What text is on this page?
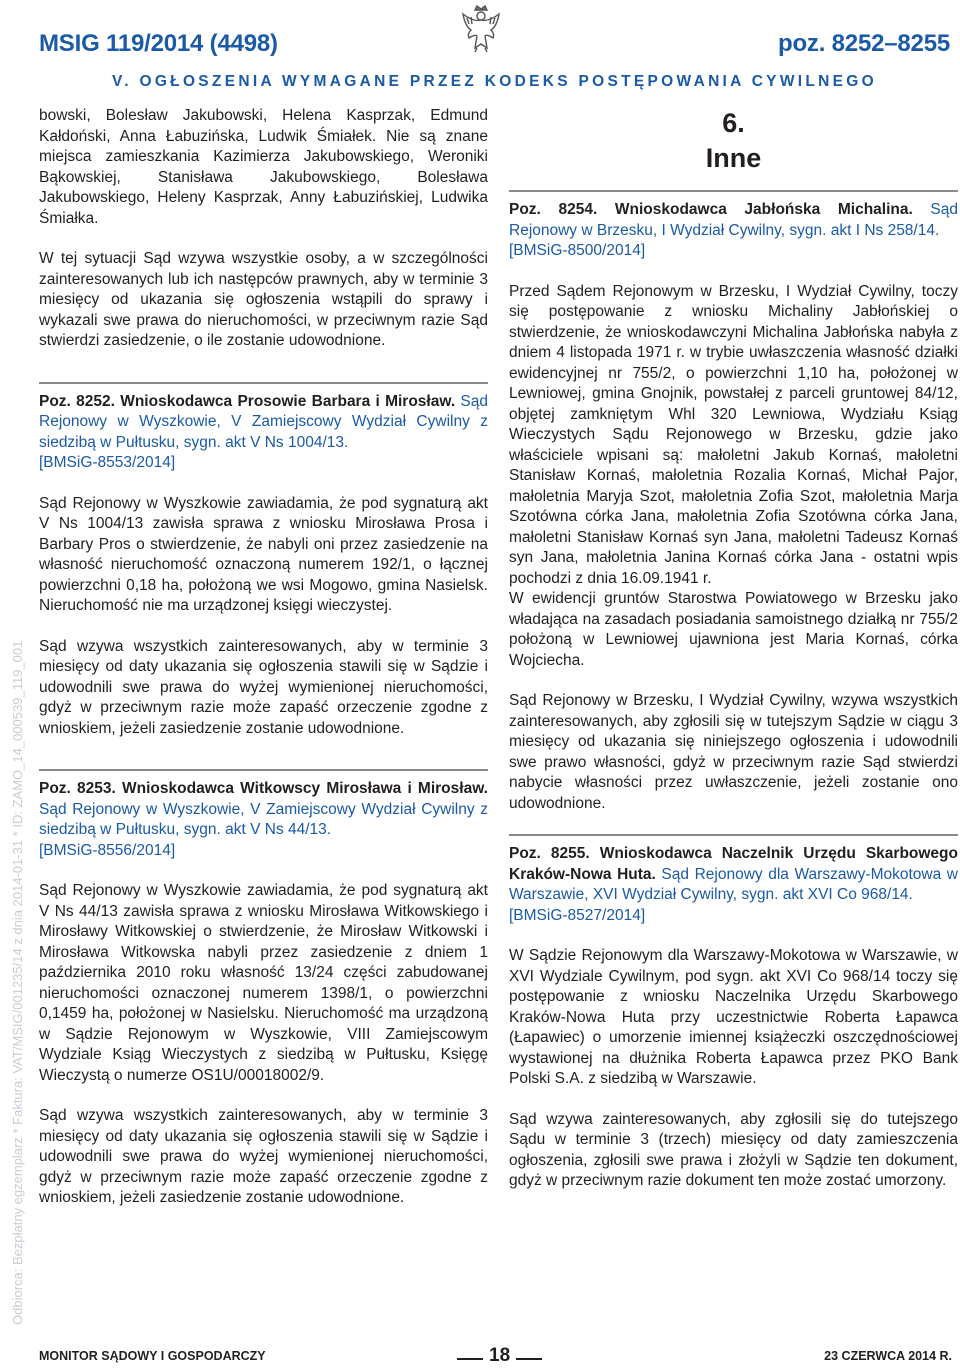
MSIG 119/2014 (4498)	poz. 8252–8255
V. OGŁOSZENIA WYMAGANE PRZEZ KODEKS POSTĘPOWANIA CYWILNEGO
Odbiorca: Bezpłatny egzemplarz * Faktura: VAT/MSIG/001235/14 z dnia 2014-01-31 * ID: ZAMO_14_000539_119_001

bowski, Bolesław Jakubowski, Helena Kasprzak, Edmund Kałdoński, Anna Łabuzińska, Ludwik Śmiałek. Nie są znane miejsca zamieszkania Kazimierza Jakubowskiego, Weroniki Bąkowskiej, Stanisława Jakubowskiego, Bolesława Jakubowskiego, Heleny Kasprzak, Anny Łabuzińskiej, Ludwika Śmiałka.

W tej sytuacji Sąd wzywa wszystkie osoby, a w szczególności zainteresowanych lub ich następców prawnych, aby w terminie 3 miesięcy od ukazania się ogłoszenia wstąpili do sprawy i wykazali swe prawa do nieruchomości, w przeciwnym razie Sąd stwierdzi zasiedzenie, o ile zostanie udowodnione.

Poz. 8252. Wnioskodawca Prosowie Barbara i Mirosław. Sąd Rejonowy w Wyszkowie, V Zamiejscowy Wydział Cywilny z siedzibą w Pułtusku, sygn. akt V Ns 1004/13.
[BMSiG-8553/2014]

Sąd Rejonowy w Wyszkowie zawiadamia, że pod sygnaturą akt V Ns 1004/13 zawisła sprawa z wniosku Mirosława Prosa i Barbary Pros o stwierdzenie, że nabyli oni przez zasiedzenie na własność nieruchomość oznaczoną numerem 192/1, o łącznej powierzchni 0,18 ha, położoną we wsi Mogowo, gmina Nasielsk. Nieruchomość nie ma urządzonej księgi wieczystej.

Sąd wzywa wszystkich zainteresowanych, aby w terminie 3 miesięcy od daty ukazania się ogłoszenia stawili się w Sądzie i udowodnili swe prawa do wyżej wymienionej nieruchomości, gdyż w przeciwnym razie może zapaść orzeczenie zgodne z wnioskiem, jeżeli zasiedzenie zostanie udowodnione.

Poz. 8253. Wnioskodawca Witkowscy Mirosława i Mirosław. Sąd Rejonowy w Wyszkowie, V Zamiejscowy Wydział Cywilny z siedzibą w Pułtusku, sygn. akt V Ns 44/13.
[BMSiG-8556/2014]

Sąd Rejonowy w Wyszkowie zawiadamia, że pod sygnaturą akt V Ns 44/13 zawisła sprawa z wniosku Mirosława Witkowskiego i Mirosławy Witkowskiej o stwierdzenie, że Mirosław Witkowski i Mirosława Witkowska nabyli przez zasiedzenie z dniem 1 października 2010 roku własność 13/24 części zabudowanej nieruchomości oznaczonej numerem 1398/1, o powierzchni 0,1459 ha, położonej w Nasielsku. Nieruchomość ma urządzoną w Sądzie Rejonowym w Wyszkowie, VIII Zamiejscowym Wydziale Ksiąg Wieczystych z siedzibą w Pułtusku, Księgę Wieczystą o numerze OS1U/00018002/9.

Sąd wzywa wszystkich zainteresowanych, aby w terminie 3 miesięcy od daty ukazania się ogłoszenia stawili się w Sądzie i udowodnili swe prawa do wyżej wymienionej nieruchomości, gdyż w przeciwnym razie może zapaść orzeczenie zgodne z wnioskiem, jeżeli zasiedzenie zostanie udowodnione.

6.
Inne

Poz. 8254. Wnioskodawca Jabłońska Michalina. Sąd Rejonowy w Brzesku, I Wydział Cywilny, sygn. akt I Ns 258/14.
[BMSiG-8500/2014]

Przed Sądem Rejonowym w Brzesku, I Wydział Cywilny, toczy się postępowanie z wniosku Michaliny Jabłońskiej o stwierdzenie, że wnioskodawczyni Michalina Jabłońska nabyła z dniem 4 listopada 1971 r. w trybie uwłaszczenia własność działki ewidencyjnej nr 755/2, o powierzchni 1,10 ha, położonej w Lewniowej, gmina Gnojnik, powstałej z parceli gruntowej 84/12, objętej zamkniętym Whl 320 Lewniowa, Wydziału Ksiąg Wieczystych Sądu Rejonowego w Brzesku, gdzie jako właściciele wpisani są: małoletni Jakub Kornaś, małoletni Stanisław Kornaś, małoletnia Rozalia Kornaś, Michał Pajor, małoletnia Maryja Szot, małoletnia Zofia Szot, małoletnia Marja Szotówna córka Jana, małoletnia Zofia Szotówna córka Jana, małoletni Stanisław Kornaś syn Jana, małoletni Tadeusz Kornaś syn Jana, małoletnia Janina Kornaś córka Jana - ostatni wpis pochodzi z dnia 16.09.1941 r.

W ewidencji gruntów Starostwa Powiatowego w Brzesku jako władająca na zasadach posiadania samoistnego działką nr 755/2 położoną w Lewniowej ujawniona jest Maria Kornaś, córka Wojciecha.

Sąd Rejonowy w Brzesku, I Wydział Cywilny, wzywa wszystkich zainteresowanych, aby zgłosili się w tutejszym Sądzie w ciągu 3 miesięcy od ukazania się niniejszego ogłoszenia i udowodnili swe prawo własności, gdyż w przeciwnym razie Sąd stwierdzi nabycie własności przez uwłaszczenie, jeżeli zostanie ono udowodnione.

Poz. 8255. Wnioskodawca Naczelnik Urzędu Skarbowego Kraków-Nowa Huta. Sąd Rejonowy dla Warszawy-Mokotowa w Warszawie, XVI Wydział Cywilny, sygn. akt XVI Co 968/14.
[BMSiG-8527/2014]

W Sądzie Rejonowym dla Warszawy-Mokotowa w Warszawie, w XVI Wydziale Cywilnym, pod sygn. akt XVI Co 968/14 toczy się postępowanie z wniosku Naczelnika Urzędu Skarbowego Kraków-Nowa Huta przy uczestnictwie Roberta Łapawca (Łapawiec) o umorzenie imiennej książeczki oszczędnościowej wystawionej na dłużnika Roberta Łapawca przez PKO Bank Polski S.A. z siedzibą w Warszawie.

Sąd wzywa zainteresowanych, aby zgłosili się do tutejszego Sądu w terminie 3 (trzech) miesięcy od daty zamieszczenia ogłoszenia, zgłosili swe prawa i złożyli w Sądzie ten dokument, gdyż w przeciwnym razie dokument ten może zostać umorzony.

MONITOR SĄDOWY I GOSPODARCZY	18	23 CZERWCA 2014 R.
